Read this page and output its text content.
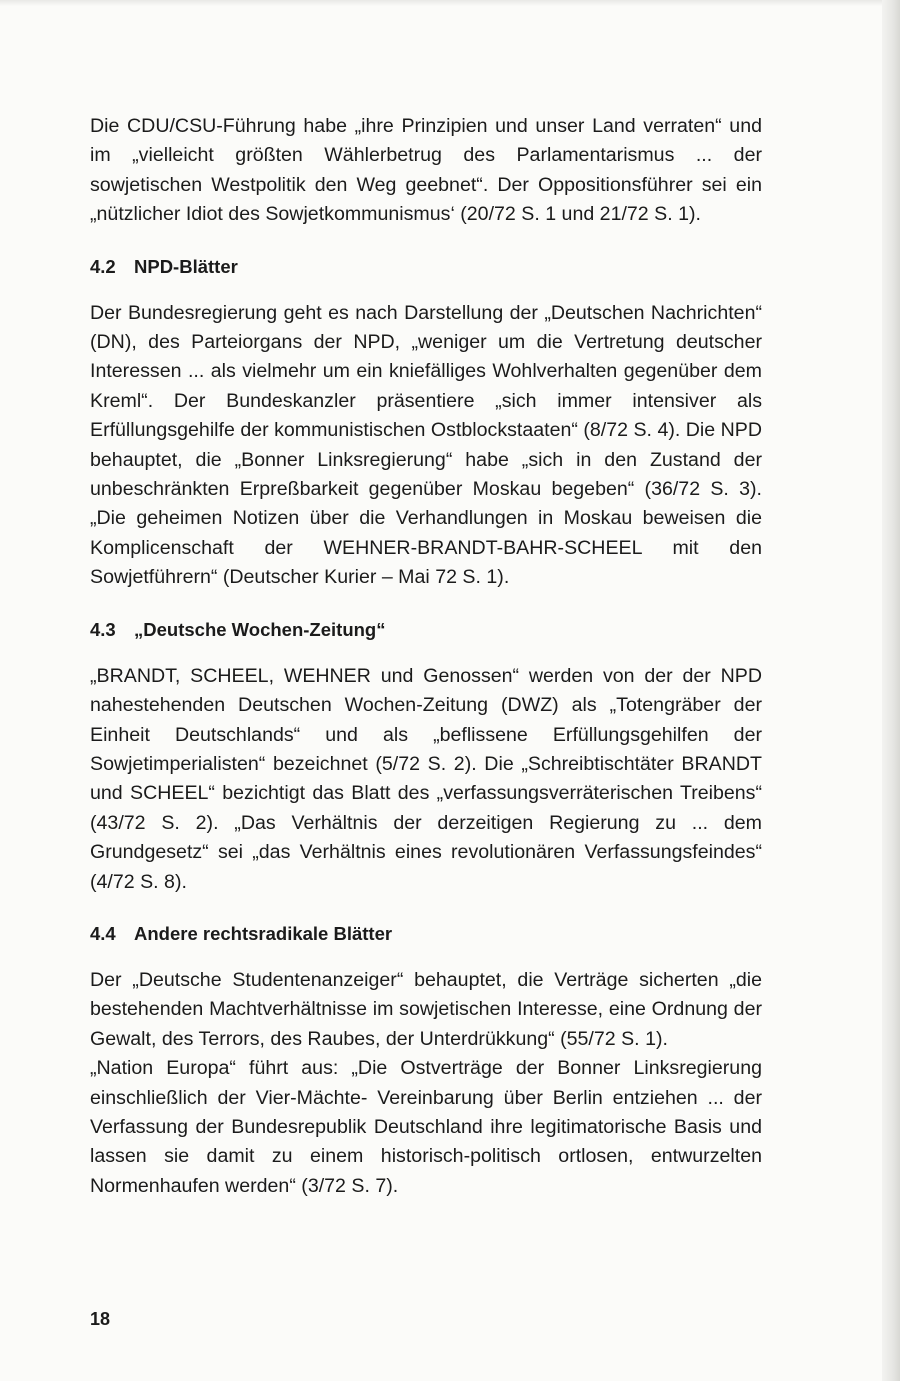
Die CDU/CSU-Führung habe „ihre Prinzipien und unser Land verraten“ und im „vielleicht größten Wählerbetrug des Parlamentarismus ... der sowjetischen Westpolitik den Weg geebnet“. Der Oppositionsführer sei ein „nützlicher Idiot des Sowjetkommunismus‘ (20/72 S. 1 und 21/72 S. 1).

4.2 NPD-Blätter

Der Bundesregierung geht es nach Darstellung der „Deutschen Nachrichten“ (DN), des Parteiorgans der NPD, „weniger um die Vertretung deutscher Interessen ... als vielmehr um ein kniefälliges Wohlverhalten gegenüber dem Kreml“. Der Bundeskanzler präsentiere „sich immer intensiver als Erfüllungsgehilfe der kommunistischen Ostblockstaaten“ (8/72 S. 4). Die NPD behauptet, die „Bonner Linksregierung“ habe „sich in den Zustand der unbeschränkten Erpreßbarkeit gegenüber Moskau begeben“ (36/72 S. 3). „Die geheimen Notizen über die Verhandlungen in Moskau beweisen die Komplicenschaft der WEHNER-BRANDT-BAHR-SCHEEL mit den Sowjetführern“ (Deutscher Kurier – Mai 72 S. 1).

4.3 „Deutsche Wochen-Zeitung“

„BRANDT, SCHEEL, WEHNER und Genossen“ werden von der der NPD nahestehenden Deutschen Wochen-Zeitung (DWZ) als „Totengräber der Einheit Deutschlands“ und als „beflissene Erfüllungsgehilfen der Sowjetimperialisten“ bezeichnet (5/72 S. 2). Die „Schreibtischtäter BRANDT und SCHEEL“ bezichtigt das Blatt des „verfassungsverräterischen Treibens“ (43/72 S. 2). „Das Verhältnis der derzeitigen Regierung zu ... dem Grundgesetz“ sei „das Verhältnis eines revolutionären Verfassungsfeindes“ (4/72 S. 8).

4.4 Andere rechtsradikale Blätter

Der „Deutsche Studentenanzeiger“ behauptet, die Verträge sicherten „die bestehenden Machtverhältnisse im sowjetischen Interesse, eine Ordnung der Gewalt, des Terrors, des Raubes, der Unterdrükkung“ (55/72 S. 1).

„Nation Europa“ führt aus: „Die Ostverträge der Bonner Linksregierung einschließlich der Vier-Mächte- Vereinbarung über Berlin entziehen ... der Verfassung der Bundesrepublik Deutschland ihre legitimatorische Basis und lassen sie damit zu einem historisch-politisch ortlosen, entwurzelten Normenhaufen werden“ (3/72 S. 7).

18
